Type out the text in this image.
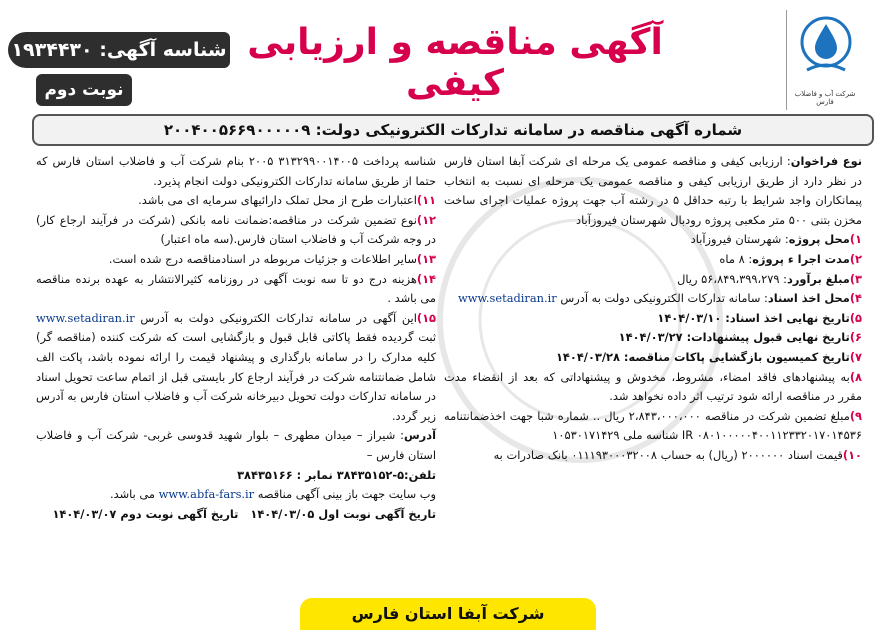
شرکت آب و فاضلاب فارس
آگهی مناقصه و ارزیابی کیفی
شناسه آگهی: ۱۹۳۴۴۳۰
نوبت دوم
شماره آگهی مناقصه در سامانه تدارکات الکترونیکی دولت: ۲۰۰۴۰۰۵۶۶۹۰۰۰۰۰۹

نوع فراخوان: ارزیابی کیفی و مناقصه عمومی یک مرحله ای شرکت آبفا استان فارس در نظر دارد از طریق ارزیابی کیفی و مناقصه عمومی یک مرحله ای نسبت به انتخاب پیمانکاران واجد شرایط با رتبه حداقل ۵ در رشته آب جهت پروژه عملیات اجرای ساخت مخزن بتنی ۵۰۰ متر مکعبی پروژه رودبال شهرستان فیروزآباد

۱)محل پروژه: شهرستان فیروزآباد

۲)مدت اجرا ء پروژه: ۸ ماه

۳)مبلغ برآورد: ۵۶،۸۴۹،۳۹۹،۲۷۹ ریال

۴)محل اخذ اسناد: سامانه تدارکات الکترونیکی دولت به آدرس www.setadiran.ir

۵)تاریخ نهایی اخذ اسناد: ۱۴۰۴/۰۳/۱۰

۶)تاریخ نهایی قبول پیشنهادات: ۱۴۰۴/۰۳/۲۷

۷)تاریخ کمیسیون بازگشایی پاکات مناقصه: ۱۴۰۴/۰۳/۲۸

۸)به پیشنهادهای فاقد امضاء، مشروط، مخدوش و پیشنهاداتی که بعد از انقضاء مدت مقرر در مناقصه ارائه شود ترتیب اثر داده نخواهد شد.

۹)مبلغ تضمین شرکت در مناقصه ۲،۸۴۳،۰۰۰،۰۰۰ ریال .. شماره شبا جهت اخذضمانتنامه IR ۰۸۰۱۰۰۰۰۰۴۰۰۱۱۲۳۳۲۰۱۷۰۱۴۵۳۶ شناسه ملی ۱۰۵۳۰۱۷۱۴۲۹

۱۰)قیمت اسناد ۲۰۰۰۰۰۰ (ریال) به حساب ۰۱۱۱۹۳۰۰۰۳۲۰۰۸ بانک صادرات به

شناسه پرداخت ۳۱۳۲۹۹۰۰۱۴۰۰۵ ۲۰۰۵ بنام شرکت آب و فاضلاب استان فارس که حتما از طریق سامانه تدارکات الکترونیکی دولت انجام پذیرد.

۱۱)اعتبارات طرح از محل تملک دارائیهای سرمایه ای می باشد.

۱۲)نوع تضمین شرکت در مناقصه:ضمانت نامه بانکی (شرکت در فرآیند ارجاع کار) در وجه شرکت آب و فاضلاب استان فارس.(سه ماه اعتبار)

۱۳)سایر اطلاعات و جزئیات مربوطه در اسنادمناقصه درج شده است.

۱۴)هزینه درج دو تا سه نوبت آگهی در روزنامه کثیرالانتشار به عهده برنده مناقصه می باشد .

۱۵)این آگهی در سامانه تدارکات الکترونیکی دولت به آدرس www.setadiran.ir ثبت گردیده فقط پاکاتی قابل قبول و بازگشایی است که شرکت کننده (مناقصه گر) کلیه مدارک را در سامانه بارگذاری و پیشنهاد قیمت را ارائه نموده باشد، پاکت الف شامل ضمانتنامه شرکت در فرآیند ارجاع کار بایستی قبل از اتمام ساعت تحویل اسناد در سامانه تدارکات دولت تحویل دبیرخانه شرکت آب و فاضلاب استان فارس به آدرس زیر گردد.

آدرس: شیراز – میدان مطهری – بلوار شهید قدوسی غربی- شرکت آب و فاضلاب استان فارس –

تلفن:۵-۳۸۴۳۵۱۵۲ نمابر : ۳۸۴۳۵۱۶۶

وب سایت جهت باز بینی آگهی مناقصه www.abfa-fars.ir می باشد.

تاریخ آگهی نوبت اول ۱۴۰۴/۰۳/۰۵   تاریخ آگهی نوبت دوم ۱۴۰۴/۰۳/۰۷

شرکت آبفا استان فارس
